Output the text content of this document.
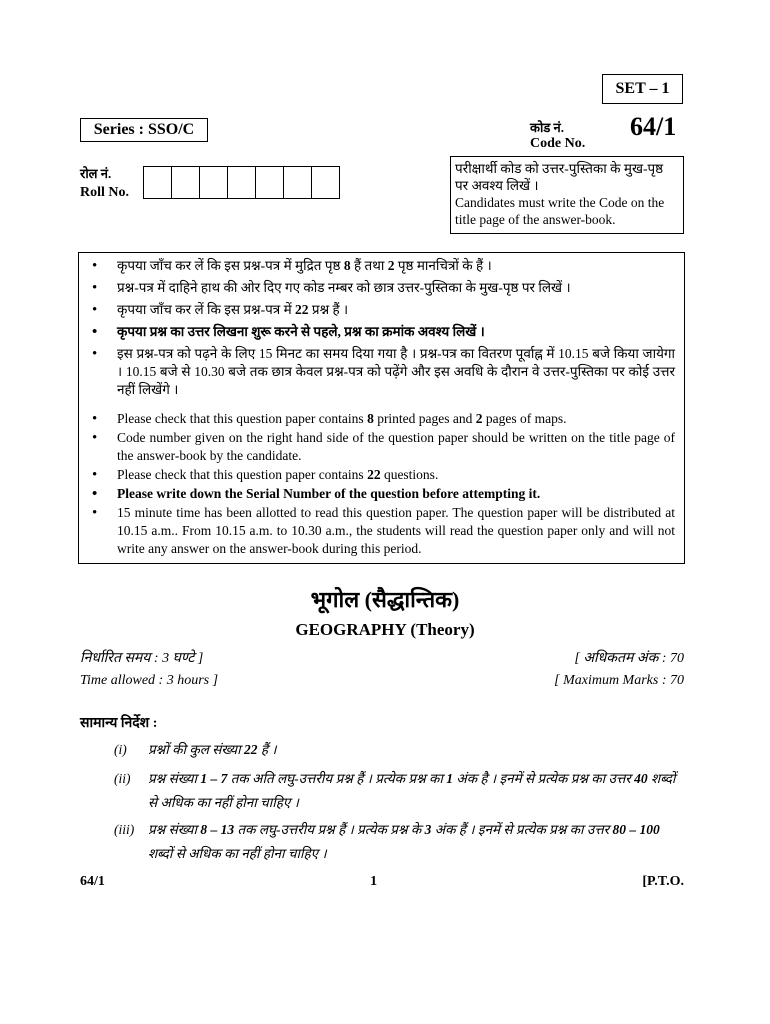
SET – 1
Series : SSO/C	कोड नं.
Code No.
64/1
रोल नं.
Roll No.
परीक्षार्थी कोड को उत्तर-पुस्तिका के मुख-पृष्ठ पर अवश्य लिखें ।
Candidates must write the Code on the title page of the answer-book.
• कृपया जाँच कर लें कि इस प्रश्न-पत्र में मुद्रित पृष्ठ 8 हैं तथा 2 पृष्ठ मानचित्रों के हैं ।
• प्रश्न-पत्र में दाहिने हाथ की ओर दिए गए कोड नम्बर को छात्र उत्तर-पुस्तिका के मुख-पृष्ठ पर लिखें ।
• कृपया जाँच कर लें कि इस प्रश्न-पत्र में 22 प्रश्न हैं ।
• कृपया प्रश्न का उत्तर लिखना शुरू करने से पहले, प्रश्न का क्रमांक अवश्य लिखें ।
• इस प्रश्न-पत्र को पढ़ने के लिए 15 मिनट का समय दिया गया है । प्रश्न-पत्र का वितरण पूर्वाह्न में 10.15 बजे किया जायेगा । 10.15 बजे से 10.30 बजे तक छात्र केवल प्रश्न-पत्र को पढ़ेंगे और इस अवधि के दौरान वे उत्तर-पुस्तिका पर कोई उत्तर नहीं लिखेंगे ।
• Please check that this question paper contains 8 printed pages and 2 pages of maps.
• Code number given on the right hand side of the question paper should be written on the title page of the answer-book by the candidate.
• Please check that this question paper contains 22 questions.
• Please write down the Serial Number of the question before attempting it.
• 15 minute time has been allotted to read this question paper. The question paper will be distributed at 10.15 a.m.. From 10.15 a.m. to 10.30 a.m., the students will read the question paper only and will not write any answer on the answer-book during this period.
भूगोल (सैद्धान्तिक)
GEOGRAPHY (Theory)
निर्धारित समय : 3 घण्टे ]	[ अधिकतम अंक : 70
Time allowed : 3 hours ]	[ Maximum Marks : 70
सामान्य निर्देश :
(i)	प्रश्नों की कुल संख्या 22 हैं ।
(ii)	प्रश्न संख्या 1 – 7 तक अति लघु-उत्तरीय प्रश्न हैं । प्रत्येक प्रश्न का 1 अंक है । इनमें से प्रत्येक प्रश्न का उत्तर 40 शब्दों से अधिक का नहीं होना चाहिए ।
(iii)	प्रश्न संख्या 8 – 13 तक लघु-उत्तरीय प्रश्न हैं । प्रत्येक प्रश्न के 3 अंक हैं । इनमें से प्रत्येक प्रश्न का उत्तर 80 – 100 शब्दों से अधिक का नहीं होना चाहिए ।
64/1	1	[P.T.O.
